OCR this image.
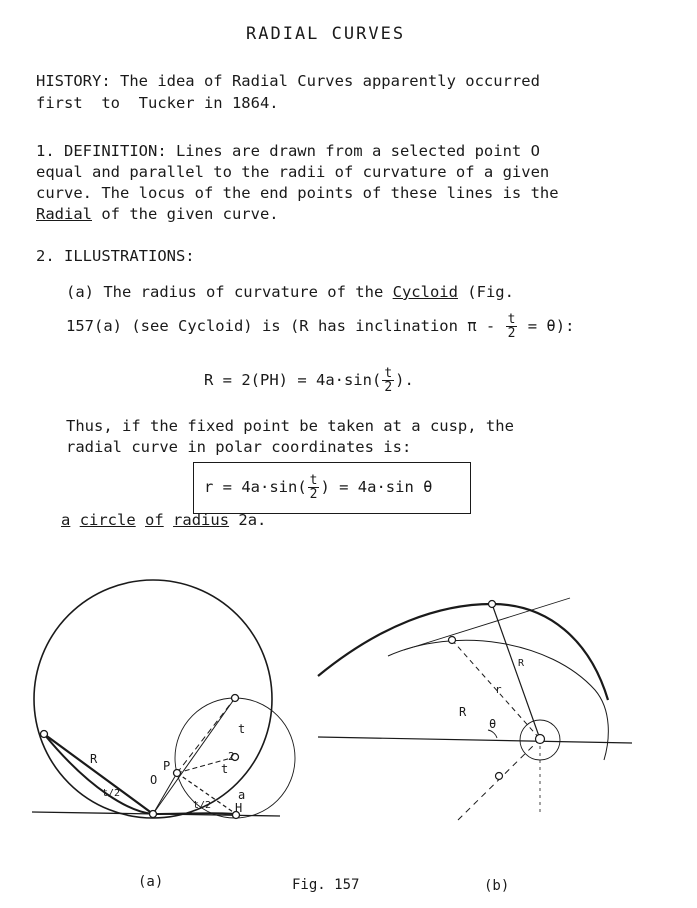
RADIAL CURVES
HISTORY: The idea of Radial Curves apparently occurred
first  to  Tucker in 1864.
1. DEFINITION: Lines are drawn from a selected point O
equal and parallel to the radii of curvature of a given
curve. The locus of the end points of these lines is the
Radial of the given curve.
2. ILLUSTRATIONS:
(a) The radius of curvature of the Cycloid (Fig.
157(a) (see Cycloid) is (R has inclination $\pi - \frac{t}{2} = \theta$):
$R = 2(PH) = 4a\cdot\sin( \frac{t}{2}$ ).
Thus, if the fixed point be taken at a cusp, the
radial curve in polar coordinates is:
$r = 4a\cdot\sin( \frac{t}{2}$ ) = 4a·sin θ
a circle of radius 2a.
R	P
O
t
t
t/2
t/2
a
H
2
R
R
θ
r
(a)	Fig. 157	(b)
